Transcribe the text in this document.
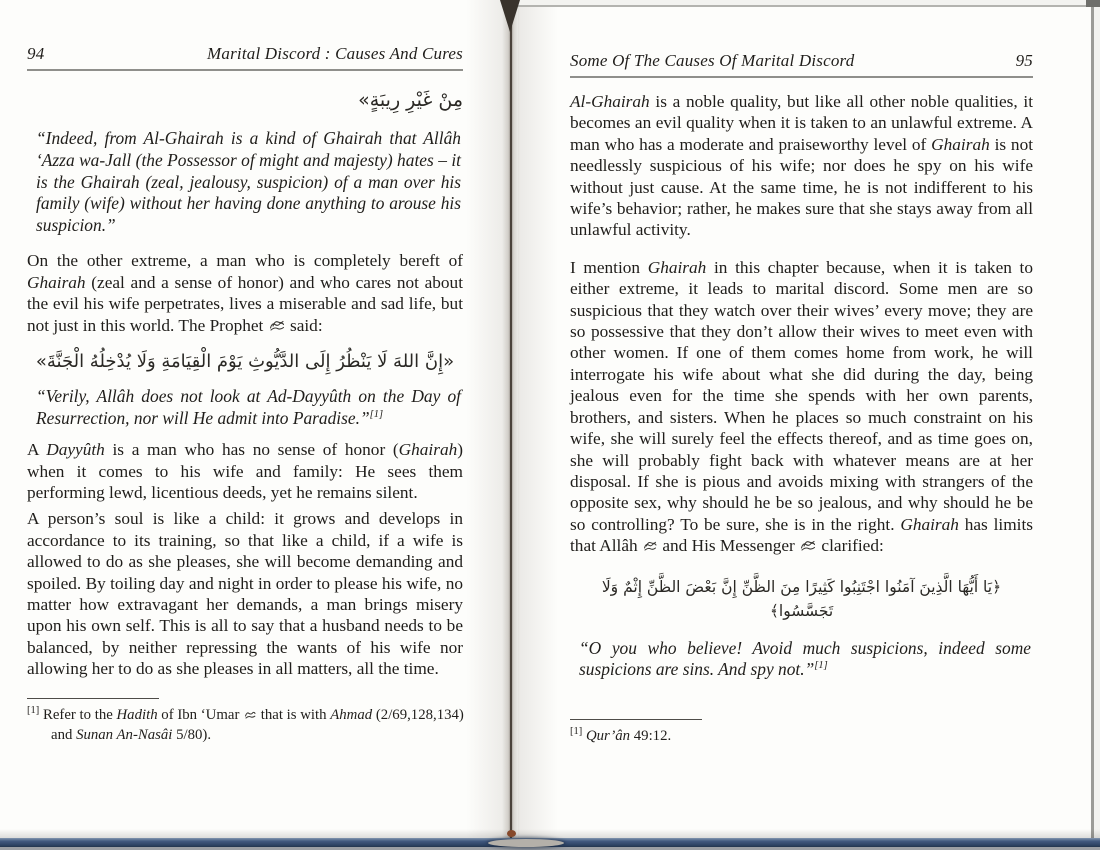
94	Marital Discord : Causes And Cures
مِنْ غَيْرِ رِيبَةٍ»
“Indeed, from Al-Ghairah is a kind of Ghairah that Allâh ‘Azza wa-Jall (the Possessor of might and majesty) hates – it is the Ghairah (zeal, jealousy, suspicion) of a man over his family (wife) without her having done anything to arouse his suspicion.”
On the other extreme, a man who is completely bereft of Ghairah (zeal and a sense of honor) and who cares not about the evil his wife perpetrates, lives a miserable and sad life, but not just in this world. The Prophet  said:
«إِنَّ اللهَ لَا يَنْظُرُ إِلَى الدَّيُّوثِ يَوْمَ الْقِيَامَةِ وَلَا يُدْخِلُهُ الْجَنَّةَ»
“Verily, Allâh does not look at Ad-Dayyûth on the Day of Resurrection, nor will He admit into Paradise.”[1]
A Dayyûth is a man who has no sense of honor (Ghairah) when it comes to his wife and family: He sees them performing lewd, licentious deeds, yet he remains silent.
A person’s soul is like a child: it grows and develops in accordance to its training, so that like a child, if a wife is allowed to do as she pleases, she will become demanding and spoiled. By toiling day and night in order to please his wife, no matter how extravagant her demands, a man brings misery upon his own self. This is all to say that a husband needs to be balanced, by neither repressing the wants of his wife nor allowing her to do as she pleases in all matters, all the time.
[1] Refer to the Hadith of Ibn ‘Umar  that is with Ahmad (2/69,128,134) and Sunan An-Nasâi 5/80).
Some Of The Causes Of Marital Discord	95
Al-Ghairah is a noble quality, but like all other noble qualities, it becomes an evil quality when it is taken to an unlawful extreme. A man who has a moderate and praiseworthy level of Ghairah is not needlessly suspicious of his wife; nor does he spy on his wife without just cause. At the same time, he is not indifferent to his wife’s behavior; rather, he makes sure that she stays away from all unlawful activity.
I mention Ghairah in this chapter because, when it is taken to either extreme, it leads to marital discord. Some men are so suspicious that they watch over their wives’ every move; they are so possessive that they don’t allow their wives to meet even with other women. If one of them comes home from work, he will interrogate his wife about what she did during the day, being jealous even for the time she spends with her own parents, brothers, and sisters. When he places so much constraint on his wife, she will surely feel the effects thereof, and as time goes on, she will probably fight back with whatever means are at her disposal. If she is pious and avoids mixing with strangers of the opposite sex, why should he be so jealous, and why should he be so controlling? To be sure, she is in the right. Ghairah has limits that Allâh  and His Messenger  clarified:
﴿يَا أَيُّهَا الَّذِينَ آمَنُوا اجْتَنِبُوا كَثِيرًا مِنَ الظَّنِّ إِنَّ بَعْضَ الظَّنِّ إِثْمٌ وَلَا تَجَسَّسُوا﴾
“O you who believe! Avoid much suspicions, indeed some suspicions are sins. And spy not.”[1]
[1] Qur’ân 49:12.
